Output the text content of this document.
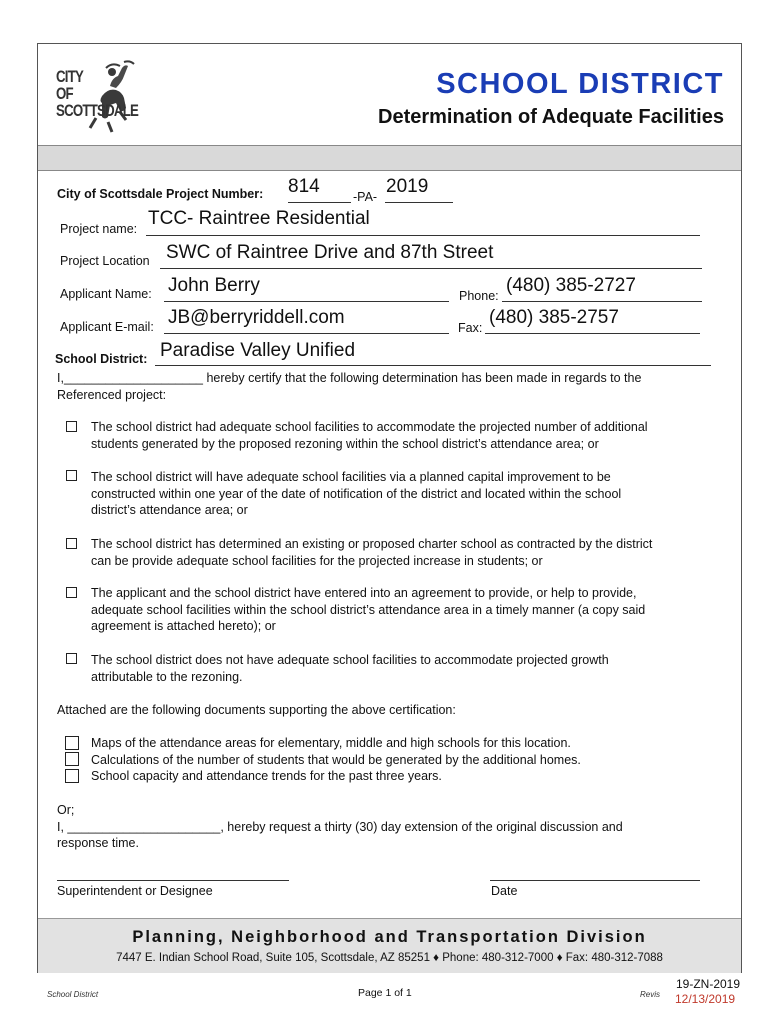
CITY
OF
SCOTTSDALE
SCHOOL DISTRICT
Determination of Adequate Facilities
City of Scottsdale Project Number: 814	-PA- 2019
Project name: TCC- Raintree Residential
Project Location SWC of Raintree Drive and 87th Street
Applicant Name: John Berry	Phone: (480) 385-2727
Applicant E-mail: JB@berryriddell.com	Fax: (480) 385-2757
School District: Paradise Valley Unified
I,____________________ hereby certify that the following determination has been made in regards to the
Referenced project:
The school district had adequate school facilities to accommodate the projected number of additional
students generated by the proposed rezoning within the school district’s attendance area; or
The school district will have adequate school facilities via a planned capital improvement to be
constructed within one year of the date of notification of the district and located within the school
district’s attendance area; or
The school district has determined an existing or proposed charter school as contracted by the district
can be provide adequate school facilities for the projected increase in students; or
The applicant and the school district have entered into an agreement to provide, or help to provide,
adequate school facilities within the school district’s attendance area in a timely manner (a copy said
agreement is attached hereto); or
The school district does not have adequate school facilities to accommodate projected growth
attributable to the rezoning.
Attached are the following documents supporting the above certification:
Maps of the attendance areas for elementary, middle and high schools for this location.
Calculations of the number of students that would be generated by the additional homes.
School capacity and attendance trends for the past three years.
Or;
I, ______________________, hereby request a thirty (30) day extension of the original discussion and
response time.
Superintendent or Designee	Date
Planning, Neighborhood and Transportation Division
7447 E. Indian School Road, Suite 105, Scottsdale, AZ 85251 ♦ Phone: 480-312-7000 ♦ Fax: 480-312-7088
School District	Page 1 of 1	Revis
19-ZN-2019
12/13/2019
